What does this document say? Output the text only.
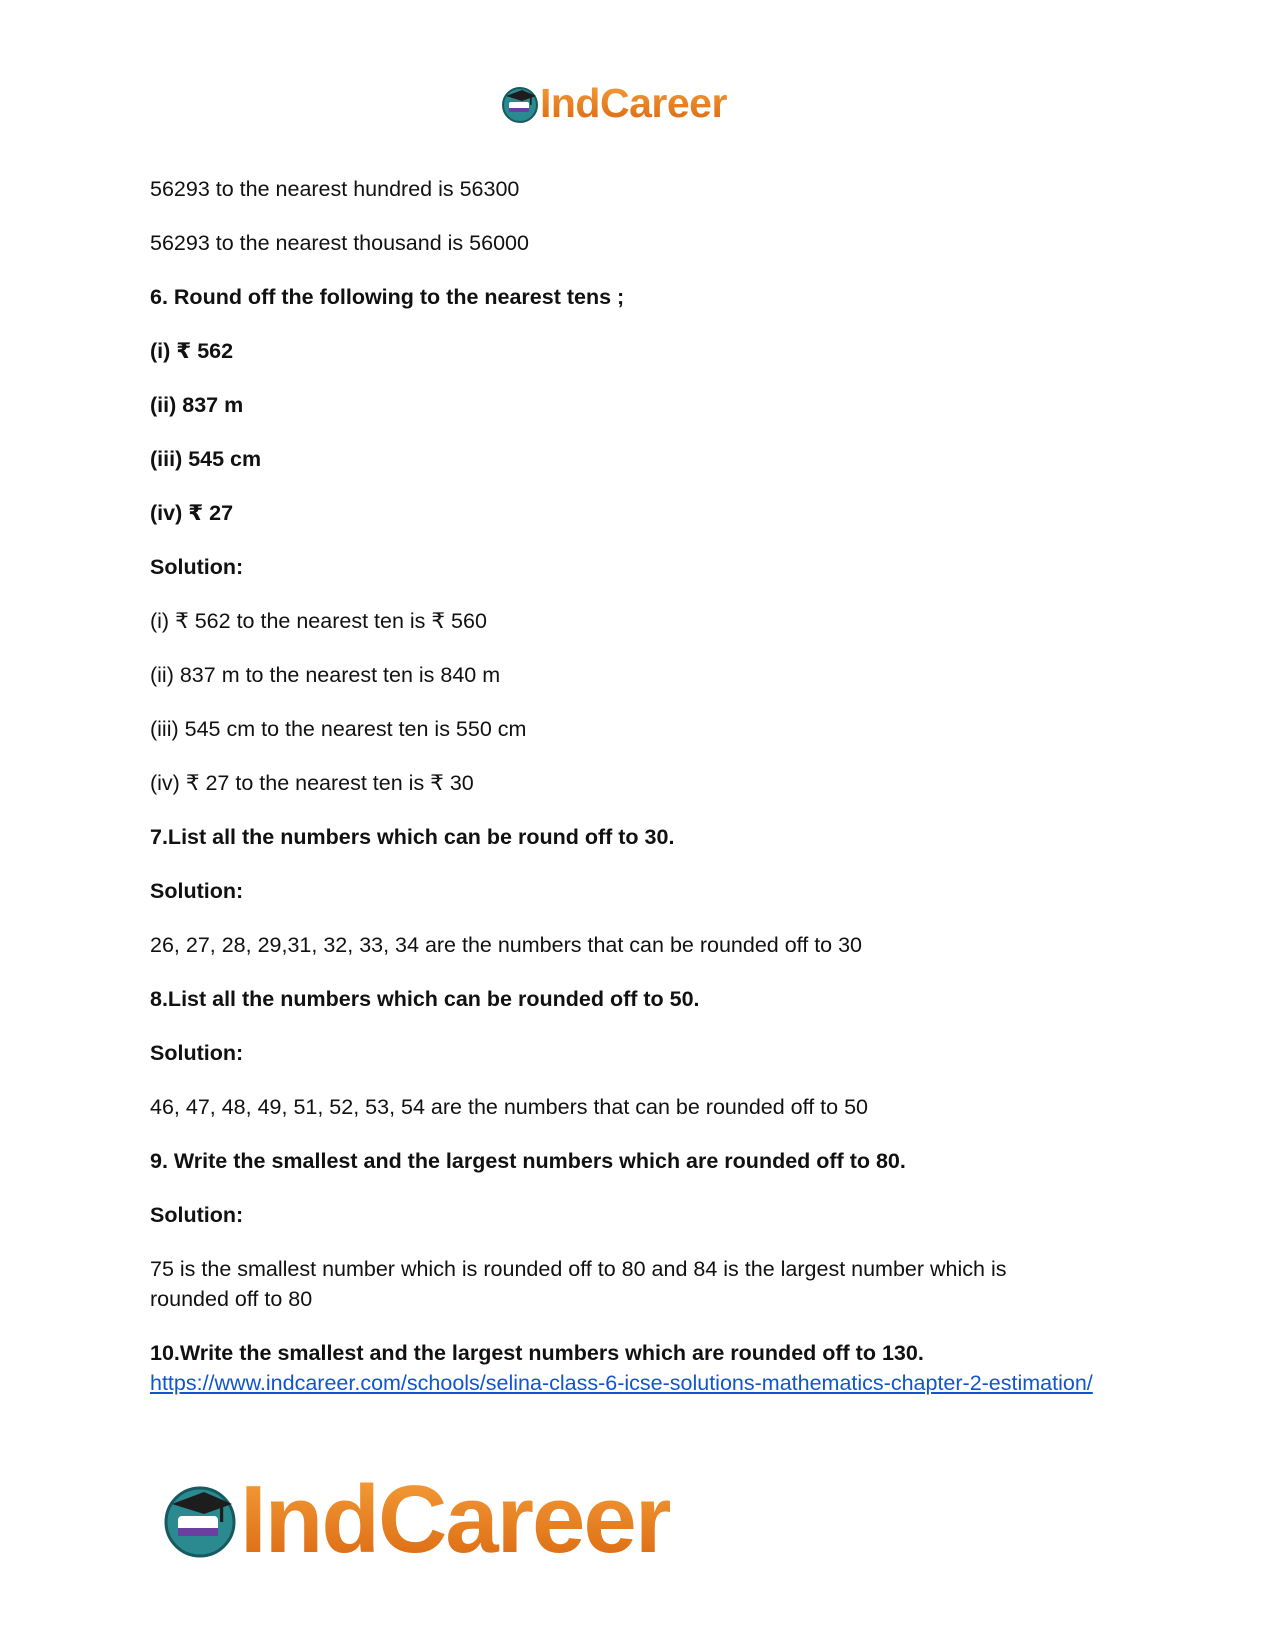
IndCareer

56293 to the nearest hundred is 56300

56293 to the nearest thousand is 56000

6. Round off the following to the nearest tens ;

(i) ₹ 562

(ii) 837 m

(iii) 545 cm

(iv) ₹ 27

Solution:

(i) ₹ 562 to the nearest ten is ₹ 560

(ii) 837 m to the nearest ten is 840 m

(iii) 545 cm to the nearest ten is 550 cm

(iv) ₹ 27 to the nearest ten is ₹ 30

7.List all the numbers which can be round off to 30.

Solution:

26, 27, 28, 29,31, 32, 33, 34 are the numbers that can be rounded off to 30

8.List all the numbers which can be rounded off to 50.

Solution:

46, 47, 48, 49, 51, 52, 53, 54 are the numbers that can be rounded off to 50

9. Write the smallest and the largest numbers which are rounded off to 80.

Solution:

75 is the smallest number which is rounded off to 80 and 84 is the largest number which is rounded off to 80

10.Write the smallest and the largest numbers which are rounded off to 130.

https://www.indcareer.com/schools/selina-class-6-icse-solutions-mathematics-chapter-2-estimation/
IndCareer
